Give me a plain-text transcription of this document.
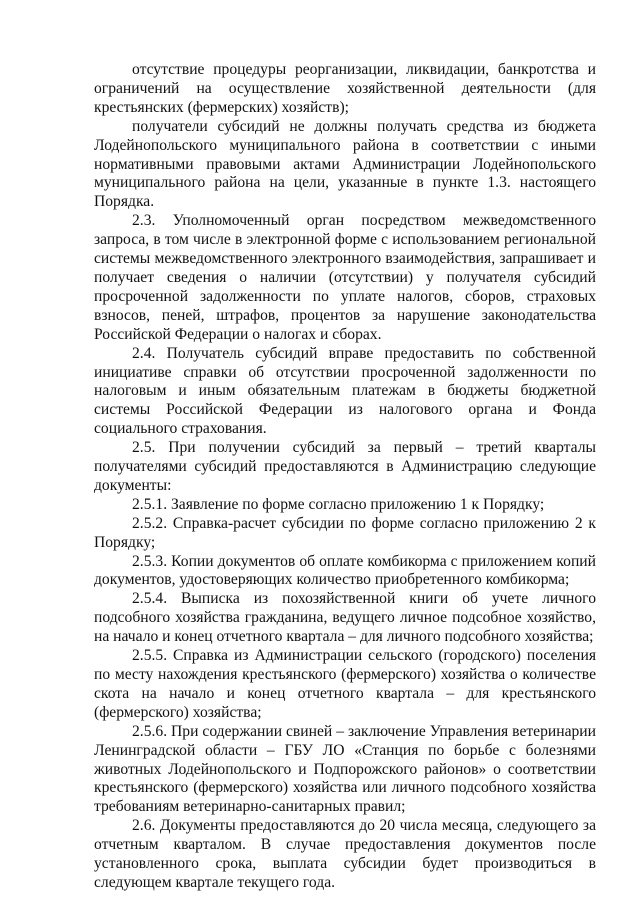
отсутствие процедуры реорганизации, ликвидации, банкротства и ограничений на осуществление хозяйственной деятельности (для крестьянских (фермерских) хозяйств);

получатели субсидий не должны получать средства из бюджета Лодейнопольского муниципального района в соответствии с иными нормативными правовыми актами Администрации Лодейнопольского муниципального района на цели, указанные в пункте 1.3. настоящего Порядка.

2.3. Уполномоченный орган посредством межведомственного запроса, в том числе в электронной форме с использованием региональной системы межведомственного электронного взаимодействия, запрашивает и получает сведения о наличии (отсутствии) у получателя субсидий просроченной задолженности по уплате налогов, сборов, страховых взносов, пеней, штрафов, процентов за нарушение законодательства Российской Федерации о налогах и сборах.

2.4. Получатель субсидий вправе предоставить по собственной инициативе справки об отсутствии просроченной задолженности по налоговым и иным обязательным платежам в бюджеты бюджетной системы Российской Федерации из налогового органа и Фонда социального страхования.

2.5. При получении субсидий за первый – третий кварталы получателями субсидий предоставляются в Администрацию следующие документы:

2.5.1. Заявление по форме согласно приложению 1 к Порядку;

2.5.2. Справка-расчет субсидии по форме согласно приложению 2 к Порядку;

2.5.3. Копии документов об оплате комбикорма с приложением копий документов, удостоверяющих количество приобретенного комбикорма;

2.5.4. Выписка из похозяйственной книги об учете личного подсобного хозяйства гражданина, ведущего личное подсобное хозяйство, на начало и конец отчетного квартала – для личного подсобного хозяйства;

2.5.5. Справка из Администрации сельского (городского) поселения по месту нахождения крестьянского (фермерского) хозяйства о количестве скота на начало и конец отчетного квартала – для крестьянского (фермерского) хозяйства;

2.5.6. При содержании свиней – заключение Управления ветеринарии Ленинградской области – ГБУ ЛО «Станция по борьбе с болезнями животных Лодейнопольского и Подпорожского районов» о соответствии крестьянского (фермерского) хозяйства или личного подсобного хозяйства требованиям ветеринарно-санитарных правил;

2.6. Документы предоставляются до 20 числа месяца, следующего за отчетным кварталом. В случае предоставления документов после установленного срока, выплата субсидии будет производиться в следующем квартале текущего года.
